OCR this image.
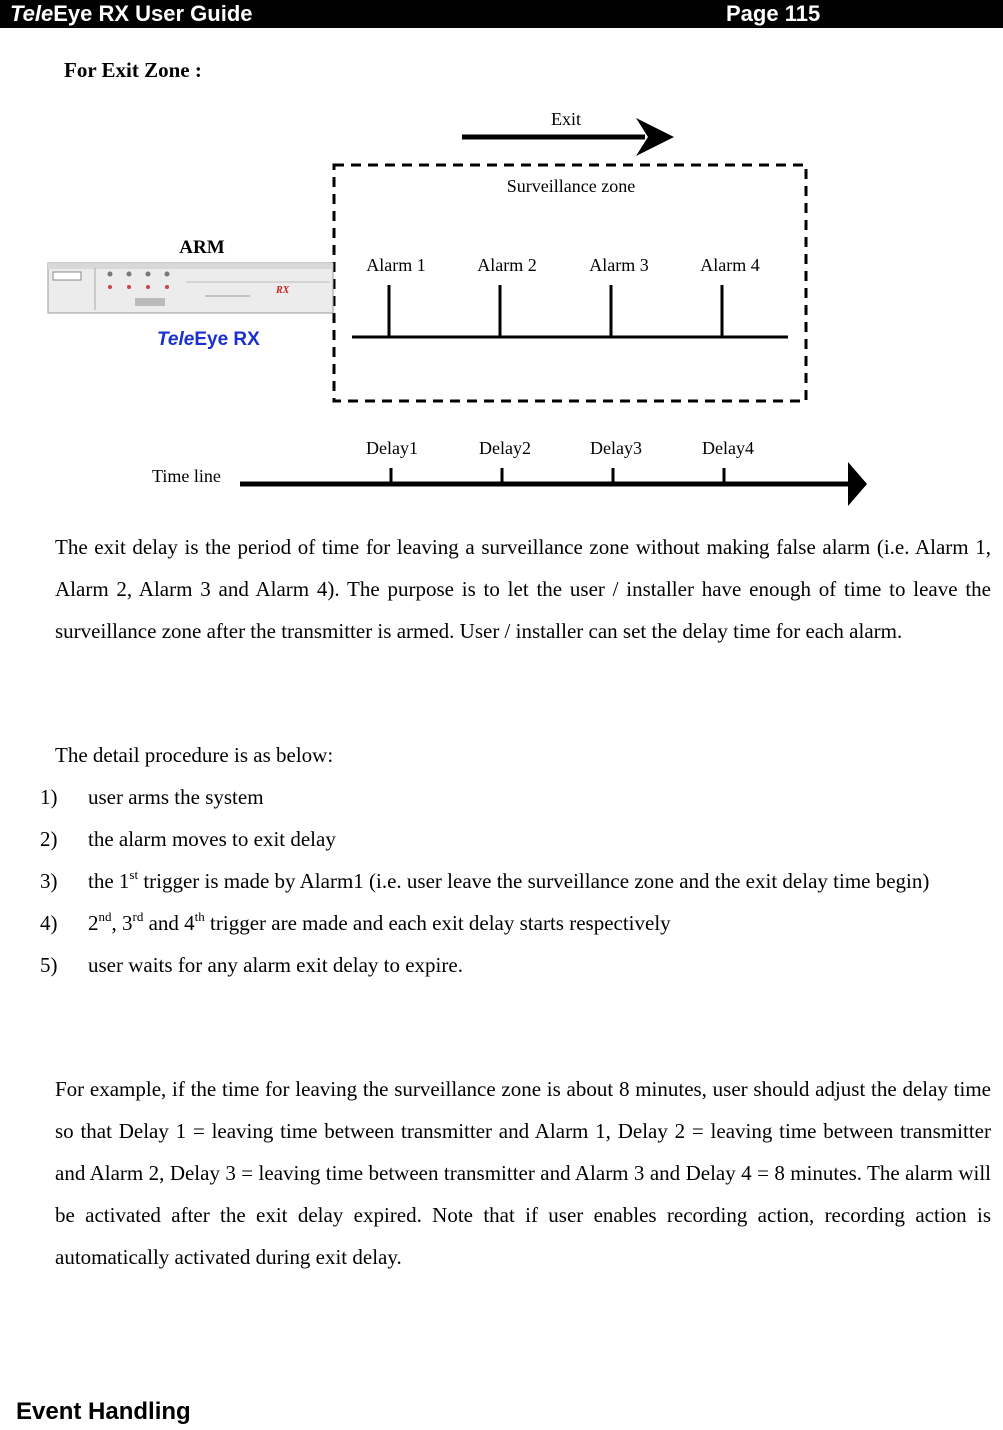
TeleEye RX User Guide	Page 115
For Exit Zone :
Exit
Surveillance zone
Alarm 1	Alarm 2	Alarm 3	Alarm 4
ARM
RX
TeleEye RX
Delay1	Delay2	Delay3	Delay4
Time line

The exit delay is the period of time for leaving a surveillance zone without making false alarm (i.e. Alarm 1, Alarm 2, Alarm 3 and Alarm 4). The purpose is to let the user / installer have enough of time to leave the surveillance zone after the transmitter is armed. User / installer can set the delay time for each alarm.

The detail procedure is as below:

1) user arms the system
2) the alarm moves to exit delay
3) the 1st trigger is made by Alarm1 (i.e. user leave the surveillance zone and the exit delay time begin)
4) 2nd, 3rd and 4th trigger are made and each exit delay starts respectively
5) user waits for any alarm exit delay to expire.

For example, if the time for leaving the surveillance zone is about 8 minutes, user should adjust the delay time so that Delay 1 = leaving time between transmitter and Alarm 1, Delay 2 = leaving time between transmitter and Alarm 2, Delay 3 = leaving time between transmitter and Alarm 3 and Delay 4 = 8 minutes. The alarm will be activated after the exit delay expired. Note that if user enables recording action, recording action is automatically activated during exit delay.

Event Handling
